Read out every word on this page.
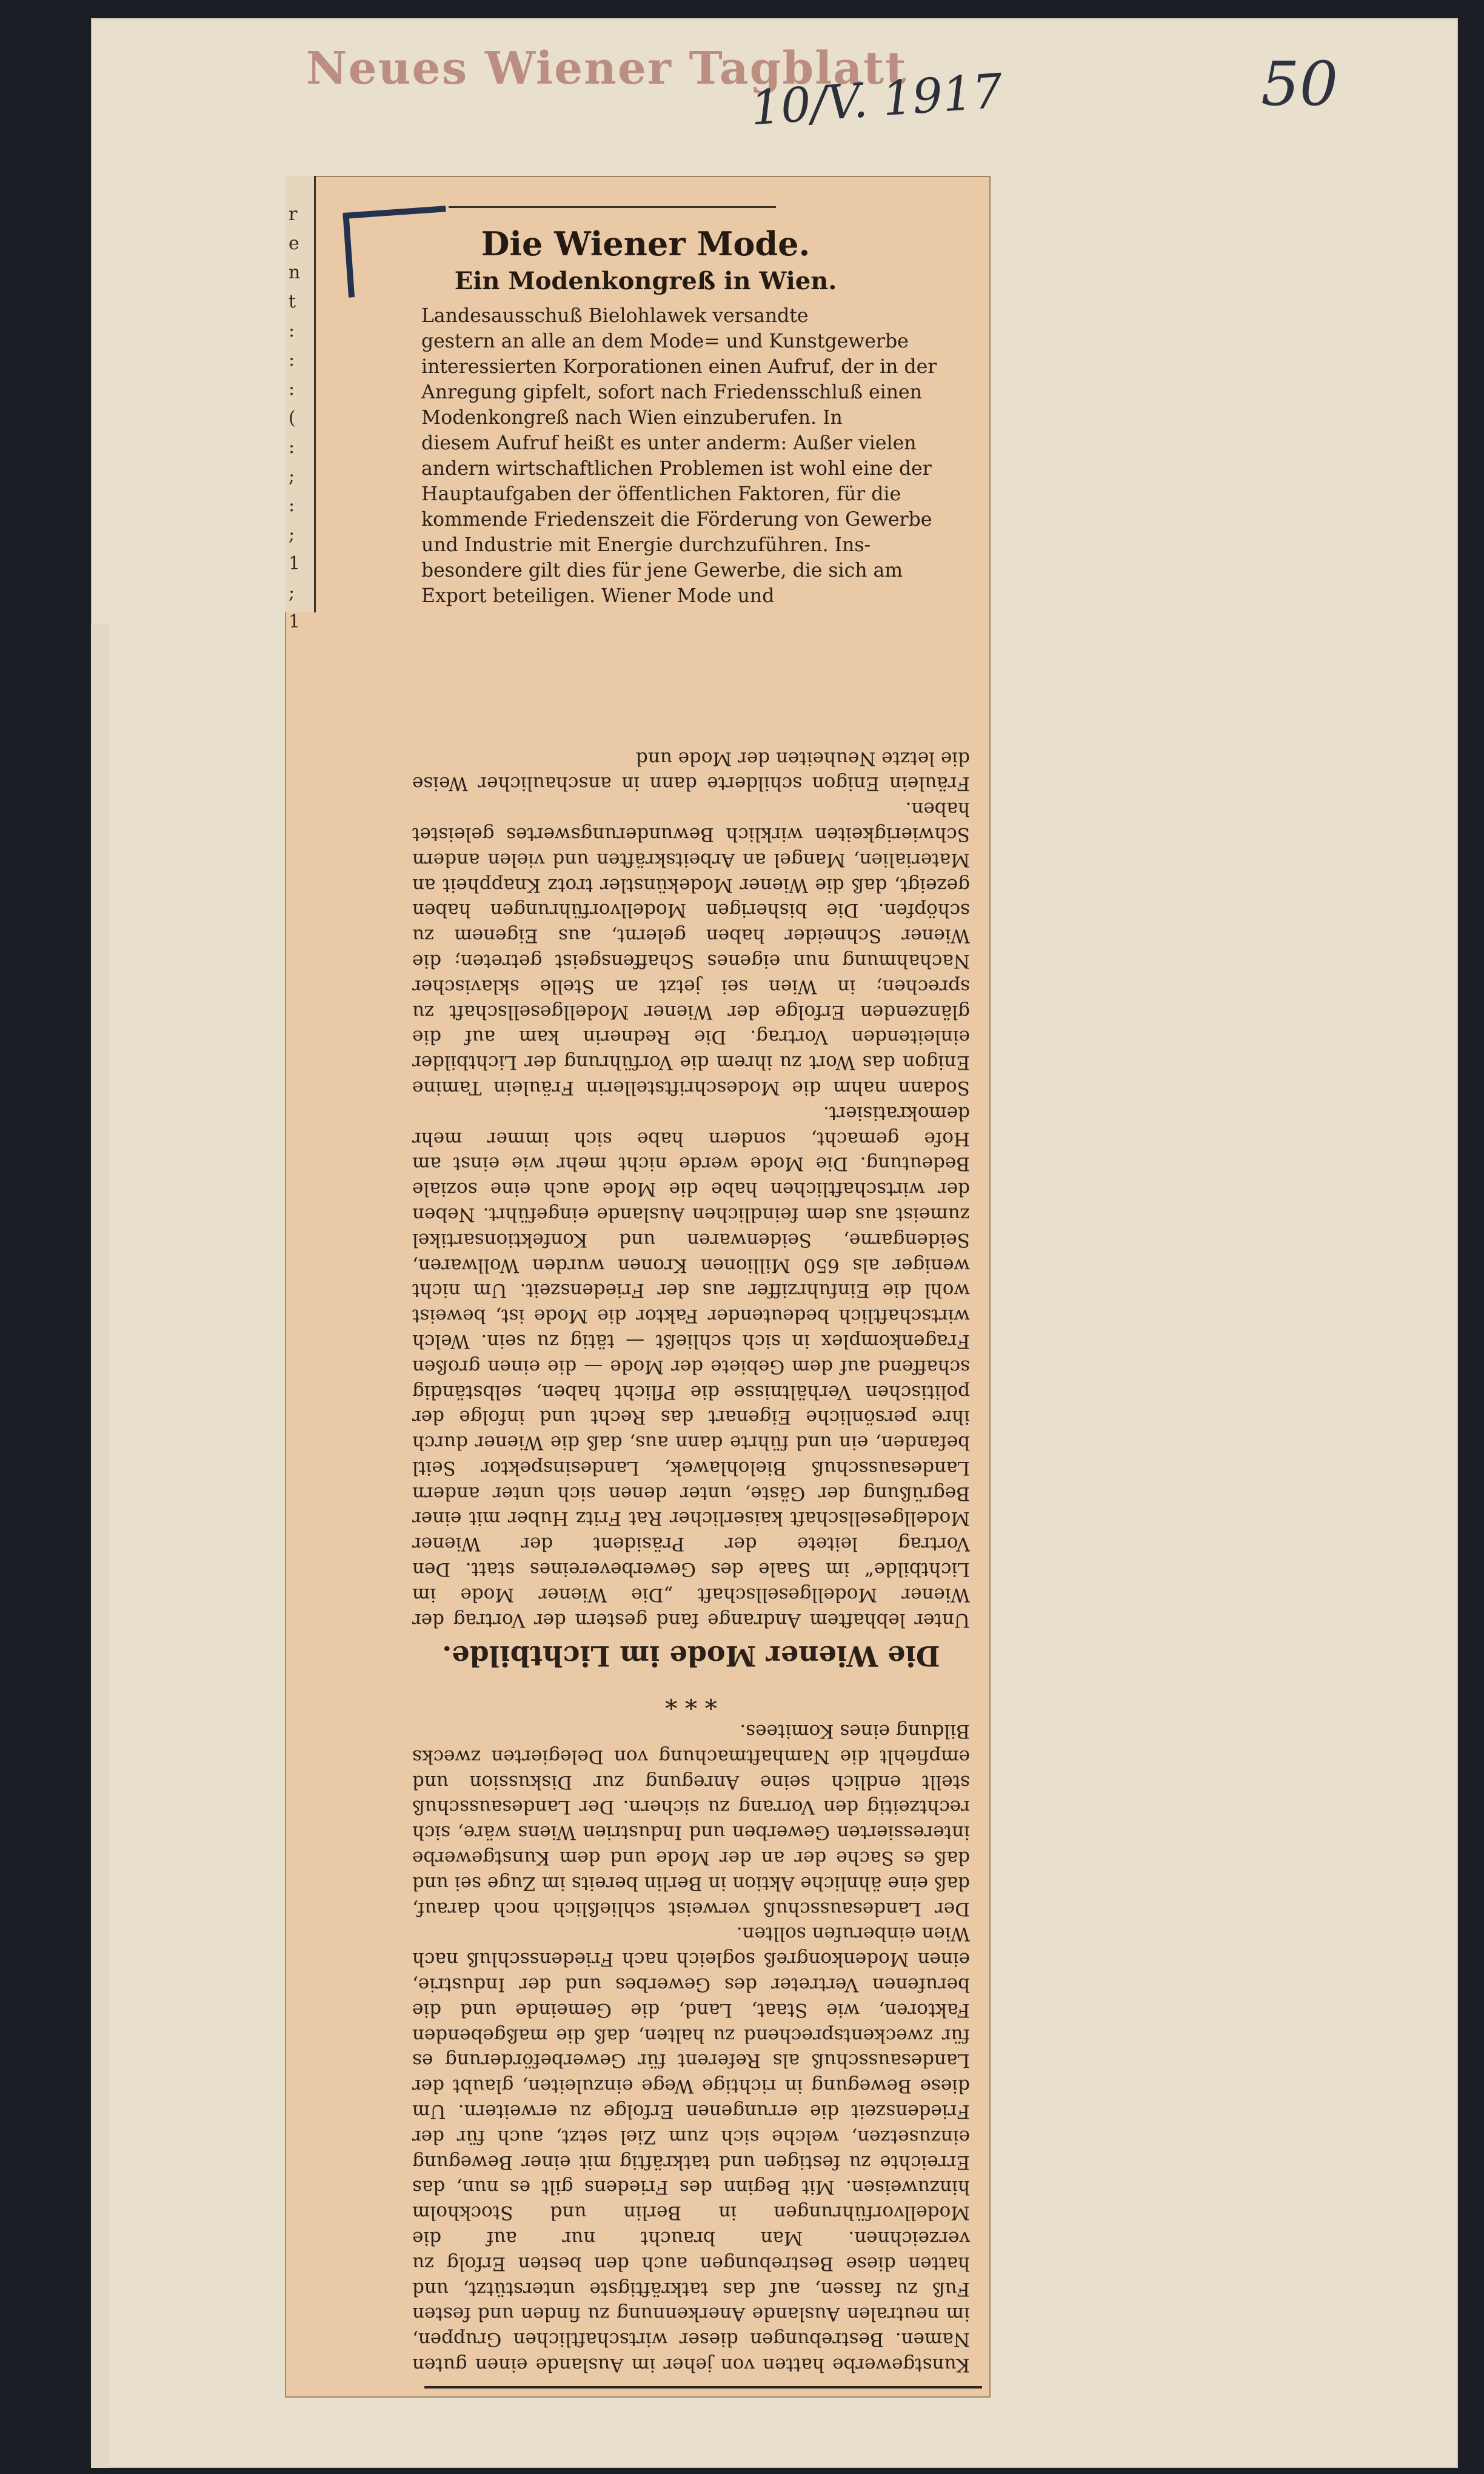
Neues Wiener Tagblatt
10/V. 1917	50
r
e
n
t
:
:
:
(
:
;
:
;
1
;
1
Die Wiener Mode.
Ein Modenkongreß in Wien.
Landesausschuß Bielohlawek versandte
gestern an alle an dem Mode= und Kunstgewerbe
interessierten Korporationen einen Aufruf, der in der
Anregung gipfelt, sofort nach Friedensschluß einen
Modenkongreß nach Wien einzuberufen. In
diesem Aufruf heißt es unter anderm: Außer vielen
andern wirtschaftlichen Problemen ist wohl eine der
Hauptaufgaben der öffentlichen Faktoren, für die
kommende Friedenszeit die Förderung von Gewerbe
und Industrie mit Energie durchzuführen. Ins-
besondere gilt dies für jene Gewerbe, die sich am
Export beteiligen. Wiener Mode und

Kunstgewerbe hatten von jeher im Auslande einen guten Namen. Bestrebungen dieser wirtschaftlichen Gruppen, im neutralen Auslande Anerkennung zu finden und festen Fuß zu fassen, auf das tatkräftigste unterstützt, und hatten diese Bestrebungen auch den besten Erfolg zu verzeichnen. Man braucht nur auf die Modellvorführungen in Berlin und Stockholm hinzuweisen. Mit Beginn des Friedens gilt es nun, das Erreichte zu festigen und tatkräftig mit einer Bewegung einzusetzen, welche sich zum Ziel setzt, auch für der Friedenszeit die errungenen Erfolge zu erweitern. Um diese Bewegung in richtige Wege einzuleiten, glaubt der Landesausschuß als Referent für Gewerbeförderung es für zweckentsprechend zu halten, daß die maßgebenden Faktoren, wie Staat, Land, die Gemeinde und die berufenen Vertreter des Gewerbes und der Industrie, einen Modenkongreß sogleich nach Friedensschluß nach Wien einberufen sollten.

Der Landesausschuß verweist schließlich noch darauf, daß eine ähnliche Aktion in Berlin bereits im Zuge sei und daß es Sache der an der Mode und dem Kunstgewerbe interessierten Gewerben und Industrien Wiens wäre, sich rechtzeitig den Vorrang zu sichern. Der Landesausschuß stellt endlich seine Anregung zur Diskussion und empfiehlt die Namhaftmachung von Delegierten zwecks Bildung eines Komitees.

* * *
Die Wiener Mode im Lichtbilde.

Unter lebhaftem Andrange fand gestern der Vortrag der Wiener Modellgesellschaft „Die Wiener Mode im Lichtbilde“ im Saale des Gewerbevereines statt. Den Vortrag leitete der Präsident der Wiener Modellgesellschaft kaiserlicher Rat Fritz Huber mit einer Begrüßung der Gäste, unter denen sich unter andern Landesausschuß Bielohlawek, Landesinspektor Seitl befanden, ein und führte dann aus, daß die Wiener durch ihre persönliche Eigenart das Recht und infolge der politischen Verhältnisse die Pflicht haben, selbständig schaffend auf dem Gebiete der Mode — die einen großen Fragenkomplex in sich schließt — tätig zu sein. Welch wirtschaftlich bedeutender Faktor die Mode ist, beweist wohl die Einfuhrziffer aus der Friedenszeit. Um nicht weniger als 650 Millionen Kronen wurden Wollwaren, Seidengarne, Seidenwaren und Konfektionsartikel zumeist aus dem feindlichen Auslande eingeführt. Neben der wirtschaftlichen habe die Mode auch eine soziale Bedeutung. Die Mode werde nicht mehr wie einst am Hofe gemacht, sondern habe sich immer mehr demokratisiert.

Sodann nahm die Modeschriftstellerin Fräulein Tamine Enigon das Wort zu ihrem die Vorführung der Lichtbilder einleitenden Vortrag. Die Rednerin kam auf die glänzenden Erfolge der Wiener Modellgesellschaft zu sprechen; in Wien sei jetzt an Stelle sklavischer Nachahmung nun eigenes Schaffensgeist getreten; die Wiener Schneider haben gelernt, aus Eigenem zu schöpfen. Die bisherigen Modellvorführungen haben gezeigt, daß die Wiener Modekünstler trotz Knappheit an Materialien, Mangel an Arbeitskräften und vielen andern Schwierigkeiten wirklich Bewunderungswertes geleistet haben.

Fräulein Enigon schilderte dann in anschaulicher Weise die letzte Neuheiten der Mode und
